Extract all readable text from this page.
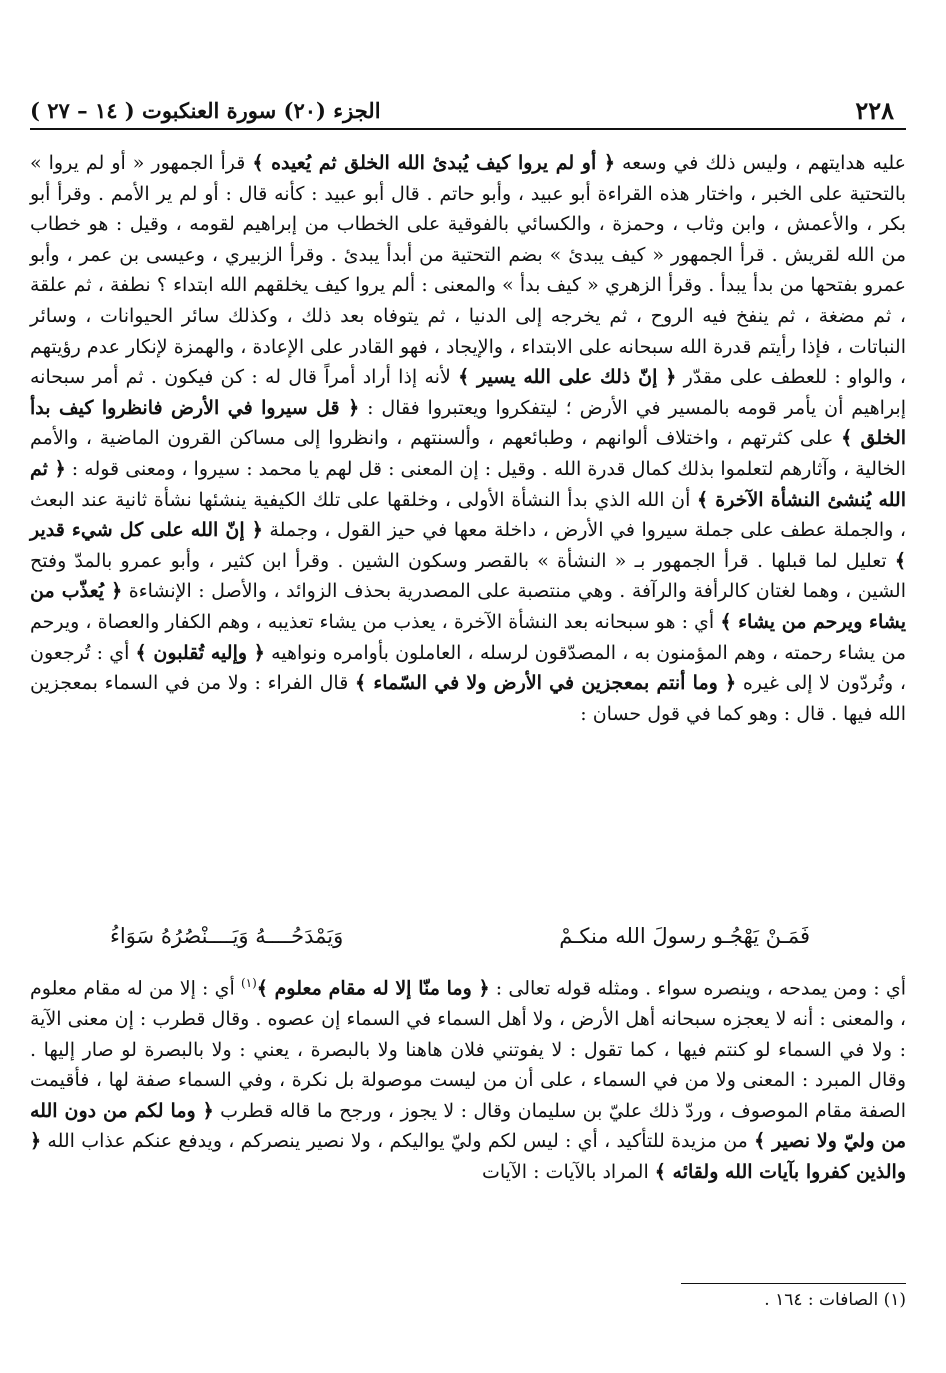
٢٢٨
الجزء (٢٠) سورة العنكبوت ( ١٤ – ٢٧ )

عليه هدايتهم ، وليس ذلك في وسعه ﴿ أو لم يروا كيف يُبدئ الله الخلق ثم يُعيده ﴾ قرأ الجمهور « أو لم يروا » بالتحتية على الخبر ، واختار هذه القراءة أبو عبيد ، وأبو حاتم . قال أبو عبيد : كأنه قال : أو لم ير الأمم . وقرأ أبو بكر ، والأعمش ، وابن وثاب ، وحمزة ، والكسائي بالفوقية على الخطاب من إبراهيم لقومه ، وقيل : هو خطاب من الله لقريش . قرأ الجمهور « كيف يبدئ » بضم التحتية من أبدأ يبدئ . وقرأ الزبيري ، وعيسى بن عمر ، وأبو عمرو بفتحها من بدأ يبدأ . وقرأ الزهري « كيف بدأ » والمعنى : ألم يروا كيف يخلقهم الله ابتداء ؟ نطفة ، ثم علقة ، ثم مضغة ، ثم ينفخ فيه الروح ، ثم يخرجه إلى الدنيا ، ثم يتوفاه بعد ذلك ، وكذلك سائر الحيوانات ، وسائر النباتات ، فإذا رأيتم قدرة الله سبحانه على الابتداء ، والإيجاد ، فهو القادر على الإعادة ، والهمزة لإنكار عدم رؤيتهم ، والواو : للعطف على مقدّر ﴿ إنّ ذلك على الله يسير ﴾ لأنه إذا أراد أمراً قال له : كن فيكون . ثم أمر سبحانه إبراهيم أن يأمر قومه بالمسير في الأرض ؛ ليتفكروا ويعتبروا فقال : ﴿ قل سيروا في الأرض فانظروا كيف بدأ الخلق ﴾ على كثرتهم ، واختلاف ألوانهم ، وطبائعهم ، وألسنتهم ، وانظروا إلى مساكن القرون الماضية ، والأمم الخالية ، وآثارهم لتعلموا بذلك كمال قدرة الله . وقيل : إن المعنى : قل لهم يا محمد : سيروا ، ومعنى قوله : ﴿ ثم الله يُنشئ النشأة الآخرة ﴾ أن الله الذي بدأ النشأة الأولى ، وخلقها على تلك الكيفية ينشئها نشأة ثانية عند البعث ، والجملة عطف على جملة سيروا في الأرض ، داخلة معها في حيز القول ، وجملة ﴿ إنّ الله على كل شيء قدير ﴾ تعليل لما قبلها . قرأ الجمهور بـ « النشأة » بالقصر وسكون الشين . وقرأ ابن كثير ، وأبو عمرو بالمدّ وفتح الشين ، وهما لغتان كالرأفة والرآفة . وهي منتصبة على المصدرية بحذف الزوائد ، والأصل : الإنشاءة ﴿ يُعذّب من يشاء ويرحم من يشاء ﴾ أي : هو سبحانه بعد النشأة الآخرة ، يعذب من يشاء تعذيبه ، وهم الكفار والعصاة ، ويرحم من يشاء رحمته ، وهم المؤمنون به ، المصدّقون لرسله ، العاملون بأوامره ونواهيه ﴿ وإليه تُقلبون ﴾ أي : تُرجعون ، وتُردّون لا إلى غيره ﴿ وما أنتم بمعجزين في الأرض ولا في السّماء ﴾ قال الفراء : ولا من في السماء بمعجزين الله فيها . قال : وهو كما في قول حسان :

فَمَـنْ يَهْجُـو رسولَ الله منكـمْ
وَيَمْدَحُــــهُ وَيَــــنْصُرُهُ سَوَاءُ

أي : ومن يمدحه ، وينصره سواء . ومثله قوله تعالى : ﴿ وما منّا إلا له مقام معلوم ﴾$^{(١)}$ أي : إلا من له مقام معلوم ، والمعنى : أنه لا يعجزه سبحانه أهل الأرض ، ولا أهل السماء في السماء إن عصوه . وقال قطرب : إن معنى الآية : ولا في السماء لو كنتم فيها ، كما تقول : لا يفوتني فلان هاهنا ولا بالبصرة ، يعني : ولا بالبصرة لو صار إليها . وقال المبرد : المعنى ولا من في السماء ، على أن من ليست موصولة بل نكرة ، وفي السماء صفة لها ، فأقيمت الصفة مقام الموصوف ، وردّ ذلك عليّ بن سليمان وقال : لا يجوز ، ورجح ما قاله قطرب ﴿ وما لكم من دون الله من وليّ ولا نصير ﴾ من مزيدة للتأكيد ، أي : ليس لكم وليّ يواليكم ، ولا نصير ينصركم ، ويدفع عنكم عذاب الله ﴿ والذين كفروا بآيات الله ولقائه ﴾ المراد بالآيات : الآيات

(١) الصافات : ١٦٤ .
